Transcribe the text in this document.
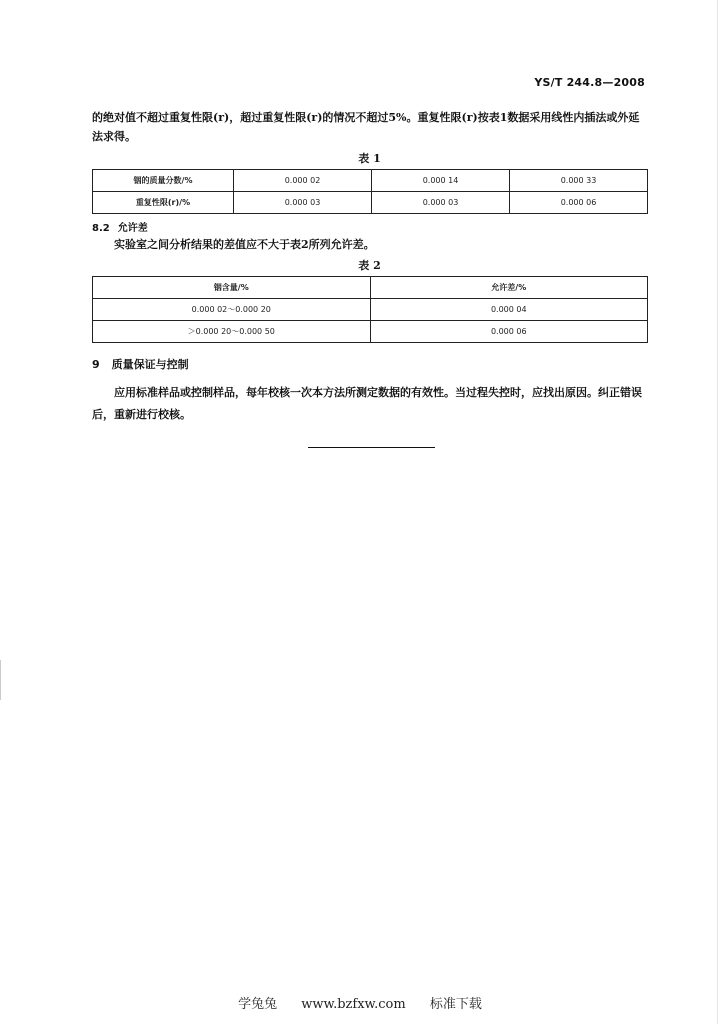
YS/T 244.8—2008

的绝对值不超过重复性限(r)，超过重复性限(r)的情况不超过5%。重复性限(r)按表1数据采用线性内插法或外延法求得。

表 1
铟的质量分数/%	0.000 02	0.000 14	0.000 33
重复性限(r)/%	0.000 03	0.000 03	0.000 06
8.2 允许差

实验室之间分析结果的差值应不大于表2所列允许差。

表 2
铟含量/%	允许差/%
0.000 02～0.000 20	0.000 04
＞0.000 20～0.000 50	0.000 06
9 质量保证与控制

应用标准样品或控制样品，每年校核一次本方法所测定数据的有效性。当过程失控时，应找出原因。纠正错误后，重新进行校核。

学兔兔 www.bzfxw.com 标准下载
